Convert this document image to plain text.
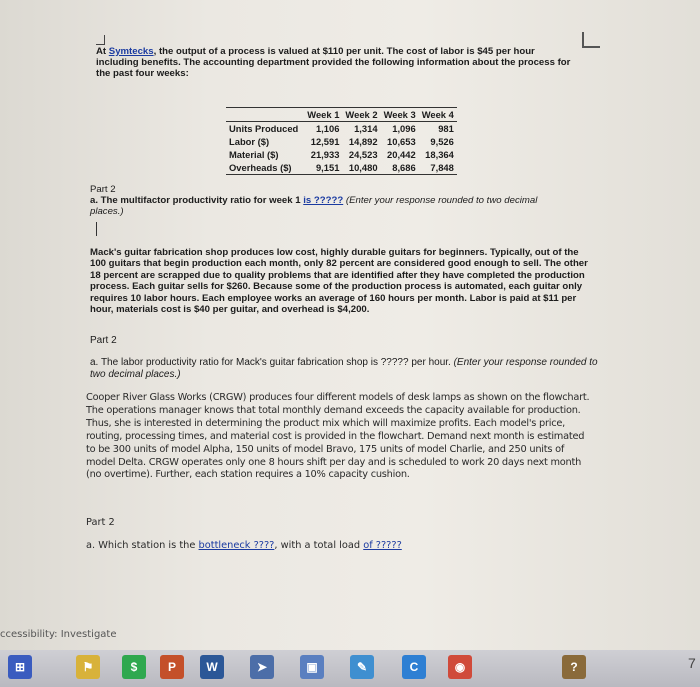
At Symtecks, the output of a process is valued at $110 per unit. The cost of labor is $45 per hour including benefits. The accounting department provided the following information about the process for the past four weeks:
	Week 1	Week 2	Week 3	Week 4
Units Produced	1,106	1,314	1,096	981
Labor ($)	12,591	14,892	10,653	9,526
Material ($)	21,933	24,523	20,442	18,364
Overheads ($)	9,151	10,480	8,686	7,848
Part 2
a. The multifactor productivity ratio for week 1 is ????? (Enter your response rounded to two decimal places.)
Mack's guitar fabrication shop produces low cost, highly durable guitars for beginners. Typically, out of the 100 guitars that begin production each month, only 82 percent are considered good enough to sell. The other 18 percent are scrapped due to quality problems that are identified after they have completed the production process. Each guitar sells for $260. Because some of the production process is automated, each guitar only requires 10 labor hours. Each employee works an average of 160 hours per month. Labor is paid at $11 per hour, materials cost is $40 per guitar, and overhead is $4,200.
Part 2
a. The labor productivity ratio for Mack's guitar fabrication shop is ????? per hour. (Enter your response rounded to two decimal places.)
Cooper River Glass Works (CRGW) produces four different models of desk lamps as shown on the flowchart. The operations manager knows that total monthly demand exceeds the capacity available for production. Thus, she is interested in determining the product mix which will maximize profits. Each model's price, routing, processing times, and material cost is provided in the flowchart. Demand next month is estimated to be 300 units of model Alpha, 150 units of model Bravo, 175 units of model Charlie, and 250 units of model Delta. CRGW operates only one 8 hours shift per day and is scheduled to work 20 days next month (no overtime). Further, each station requires a 10% capacity cushion.
Part 2
a. Which station is the bottleneck ????, with a total load of ?????
ccessibility: Investigate
⊞	⚑	$	P	W	➤	▣	✎	C	◉	?	7
